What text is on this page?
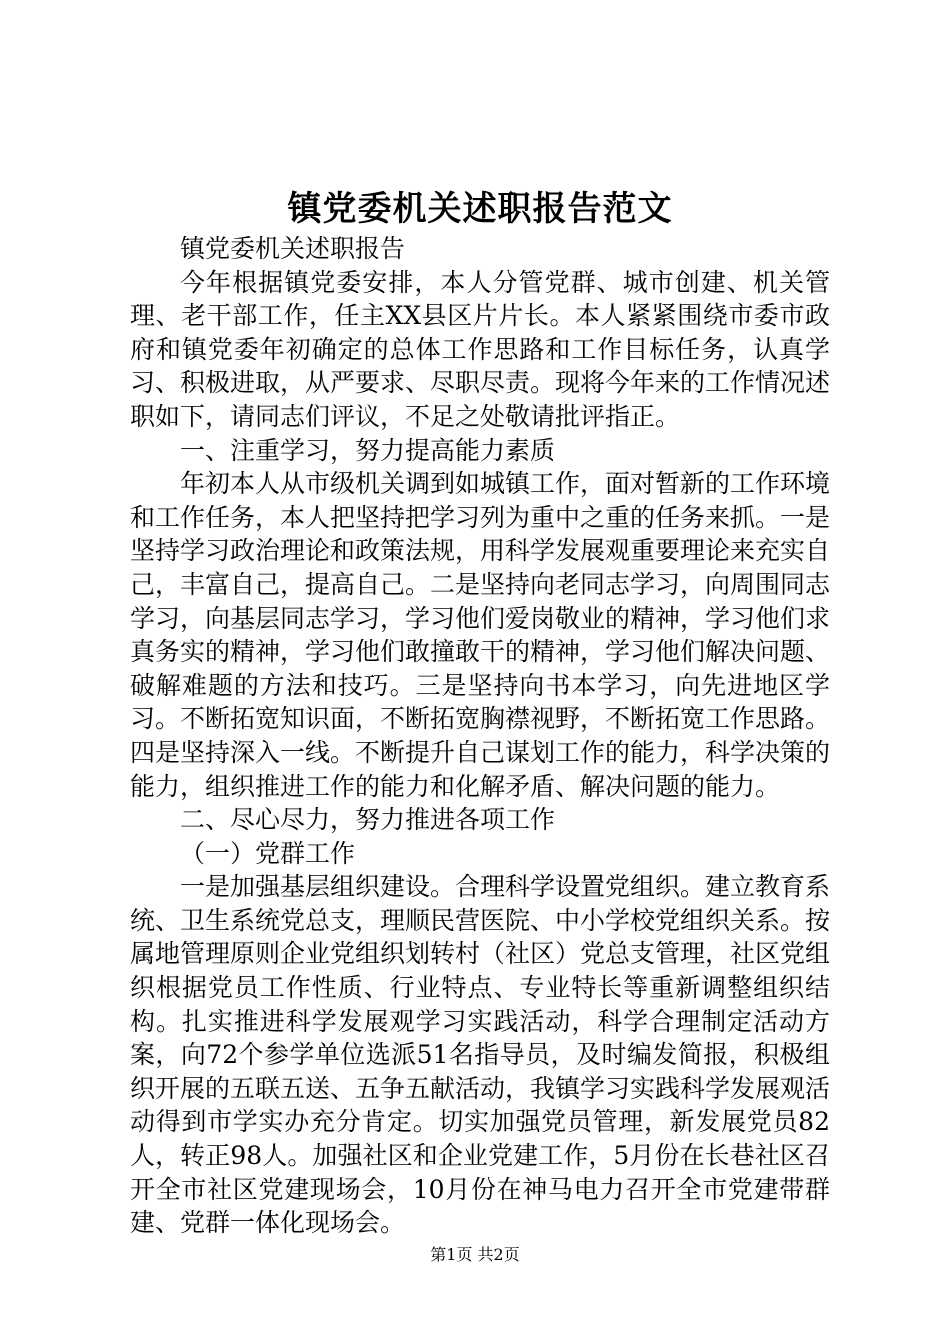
镇党委机关述职报告范文

镇党委机关述职报告

今年根据镇党委安排，本人分管党群、城市创建、机关管理、老干部工作，任主XX县区片片长。本人紧紧围绕市委市政府和镇党委年初确定的总体工作思路和工作目标任务，认真学习、积极进取，从严要求、尽职尽责。现将今年来的工作情况述职如下，请同志们评议，不足之处敬请批评指正。

一、注重学习，努力提高能力素质

年初本人从市级机关调到如城镇工作，面对暂新的工作环境和工作任务，本人把坚持把学习列为重中之重的任务来抓。一是坚持学习政治理论和政策法规，用科学发展观重要理论来充实自己，丰富自己，提高自己。二是坚持向老同志学习，向周围同志学习，向基层同志学习，学习他们爱岗敬业的精神，学习他们求真务实的精神，学习他们敢撞敢干的精神，学习他们解决问题、破解难题的方法和技巧。三是坚持向书本学习，向先进地区学习。不断拓宽知识面，不断拓宽胸襟视野，不断拓宽工作思路。四是坚持深入一线。不断提升自己谋划工作的能力，科学决策的能力，组织推进工作的能力和化解矛盾、解决问题的能力。

二、尽心尽力，努力推进各项工作

（一）党群工作

一是加强基层组织建设。合理科学设置党组织。建立教育系统、卫生系统党总支，理顺民营医院、中小学校党组织关系。按属地管理原则企业党组织划转村（社区）党总支管理，社区党组织根据党员工作性质、行业特点、专业特长等重新调整组织结构。扎实推进科学发展观学习实践活动，科学合理制定活动方案，向72个参学单位选派51名指导员，及时编发简报，积极组织开展的五联五送、五争五献活动，我镇学习实践科学发展观活动得到市学实办充分肯定。切实加强党员管理，新发展党员82人，转正98人。加强社区和企业党建工作，5月份在长巷社区召开全市社区党建现场会，10月份在神马电力召开全市党建带群建、党群一体化现场会。

第1页 共2页
